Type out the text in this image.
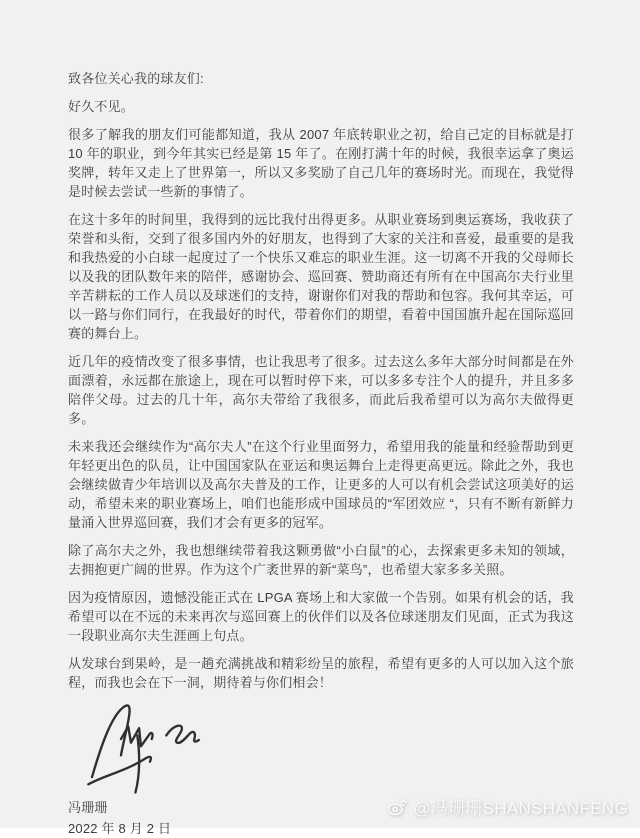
致各位关心我的球友们:

好久不见。

很多了解我的朋友们可能都知道，我从 2007 年底转职业之初，给自己定的目标就是打 10 年的职业，到今年其实已经是第 15 年了。在刚打满十年的时候，我很幸运拿了奥运奖牌，转年又走上了世界第一，所以又多奖励了自己几年的赛场时光。而现在，我觉得是时候去尝试一些新的事情了。

在这十多年的时间里，我得到的远比我付出得更多。从职业赛场到奥运赛场，我收获了荣誉和头衔，交到了很多国内外的好朋友，也得到了大家的关注和喜爱，最重要的是我和我热爱的小白球一起度过了一个快乐又难忘的职业生涯。这一切离不开我的父母师长以及我的团队数年来的陪伴，感谢协会、巡回赛、赞助商还有所有在中国高尔夫行业里辛苦耕耘的工作人员以及球迷们的支持，谢谢你们对我的帮助和包容。我何其幸运，可以一路与你们同行，在我最好的时代，带着你们的期望，看着中国国旗升起在国际巡回赛的舞台上。

近几年的疫情改变了很多事情，也让我思考了很多。过去这么多年大部分时间都是在外面漂着，永远都在旅途上，现在可以暂时停下来，可以多多专注个人的提升，并且多多陪伴父母。过去的几十年，高尔夫带给了我很多，而此后我希望可以为高尔夫做得更多。

未来我还会继续作为“高尔夫人”在这个行业里面努力，希望用我的能量和经验帮助到更年轻更出色的队员，让中国国家队在亚运和奥运舞台上走得更高更远。除此之外，我也会继续做青少年培训以及高尔夫普及的工作，让更多的人可以有机会尝试这项美好的运动，希望未来的职业赛场上，咱们也能形成中国球员的“军团效应 “，只有不断有新鲜力量涌入世界巡回赛，我们才会有更多的冠军。

除了高尔夫之外，我也想继续带着我这颗勇做“小白鼠”的心，去探索更多未知的领域，去拥抱更广阔的世界。作为这个广袤世界的新“菜鸟”，也希望大家多多关照。

因为疫情原因，遗憾没能正式在 LPGA 赛场上和大家做一个告别。如果有机会的话，我希望可以在不远的未来再次与巡回赛上的伙伴们以及各位球迷朋友们见面，正式为我这一段职业高尔夫生涯画上句点。

从发球台到果岭，是一趟充满挑战和精彩纷呈的旅程，希望有更多的人可以加入这个旅程，而我也会在下一洞，期待着与你们相会！

冯珊珊
2022 年 8 月 2 日
@冯珊珊SHANSHANFENG
